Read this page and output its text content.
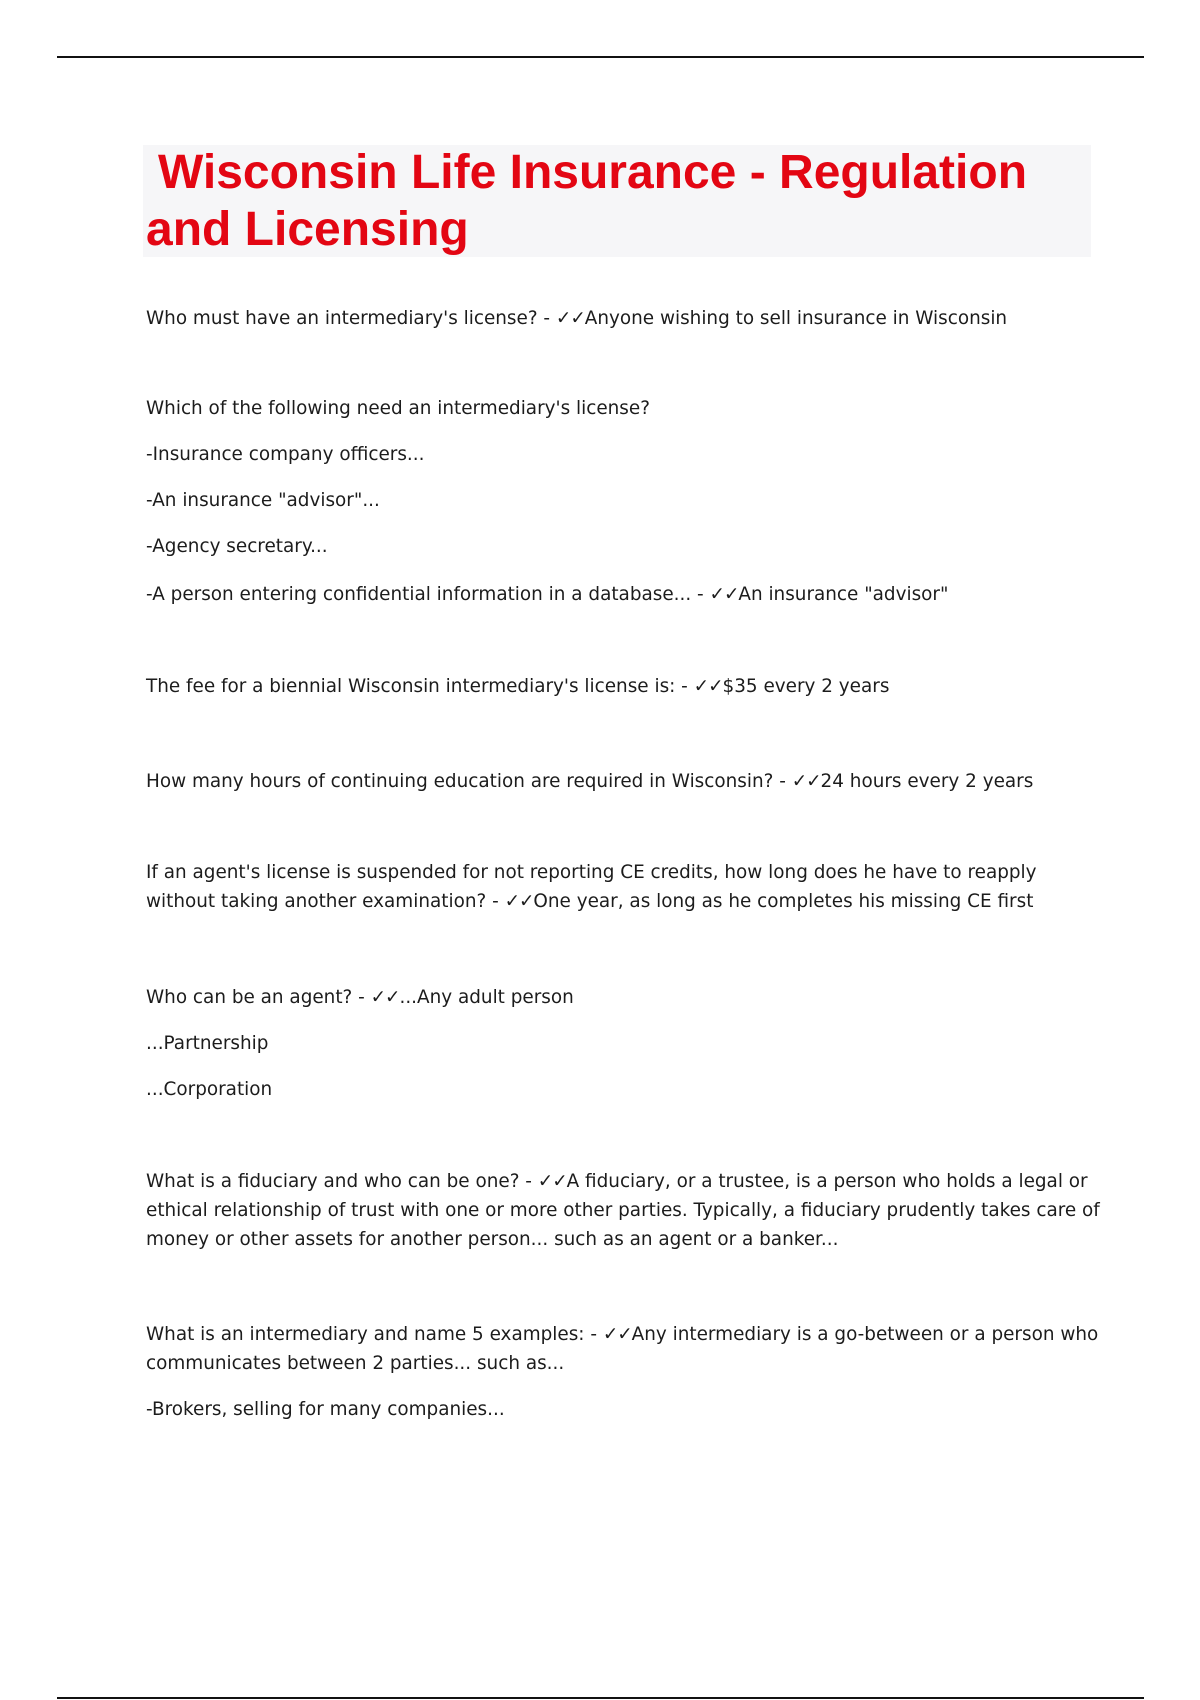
Wisconsin Life Insurance - Regulation
and Licensing

Who must have an intermediary's license? - ✓✓Anyone wishing to sell insurance in Wisconsin

Which of the following need an intermediary's license?

-Insurance company officers...

-An insurance "advisor"...

-Agency secretary...

-A person entering confidential information in a database... - ✓✓An insurance "advisor"

The fee for a biennial Wisconsin intermediary's license is: - ✓✓$35 every 2 years

How many hours of continuing education are required in Wisconsin? - ✓✓24 hours every 2 years

If an agent's license is suspended for not reporting CE credits, how long does he have to reapply without taking another examination? - ✓✓One year, as long as he completes his missing CE first

Who can be an agent? - ✓✓...Any adult person

...Partnership

...Corporation

What is a fiduciary and who can be one? - ✓✓A fiduciary, or a trustee, is a person who holds a legal or ethical relationship of trust with one or more other parties. Typically, a fiduciary prudently takes care of money or other assets for another person... such as an agent or a banker...

What is an intermediary and name 5 examples: - ✓✓Any intermediary is a go-between or a person who communicates between 2 parties... such as...

-Brokers, selling for many companies...
